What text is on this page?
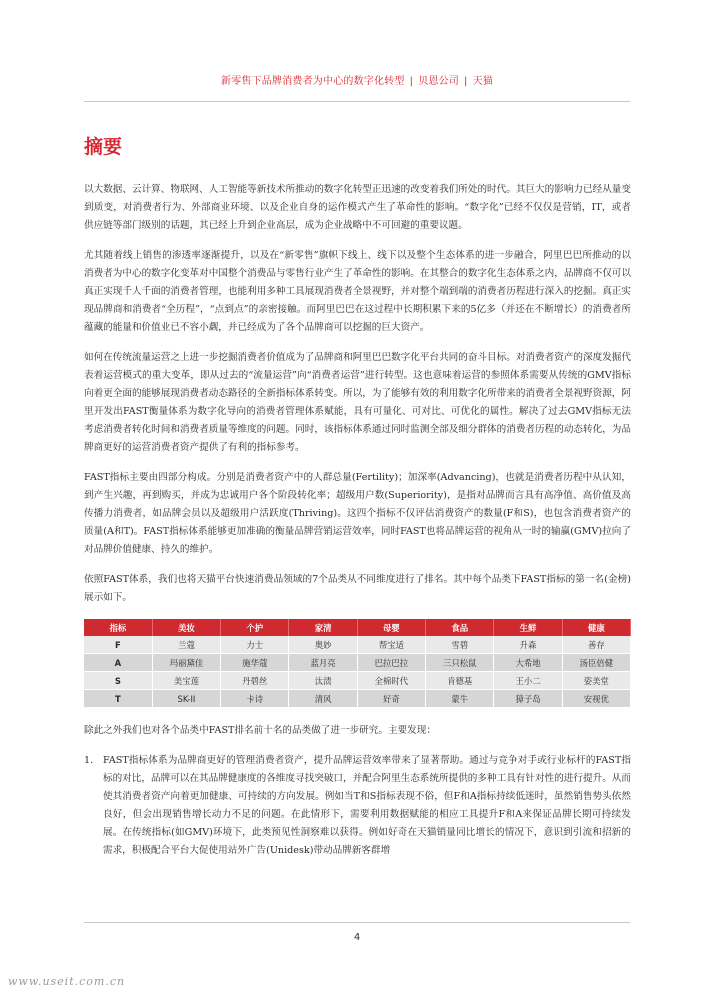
新零售下品牌消费者为中心的数字化转型 | 贝恩公司 | 天猫
摘要

以大数据、云计算、物联网、人工智能等新技术所推动的数字化转型正迅速的改变着我们所处的时代。其巨大的影响力已经从量变到质变，对消费者行为、外部商业环境、以及企业自身的运作模式产生了革命性的影响。“数字化”已经不仅仅是营销，IT，或者供应链等部门级别的话题，其已经上升到企业高层，成为企业战略中不可回避的重要议题。

尤其随着线上销售的渗透率逐渐提升，以及在“新零售”旗帜下线上、线下以及整个生态体系的进一步融合，阿里巴巴所推动的以消费者为中心的数字化变革对中国整个消费品与零售行业产生了革命性的影响。在其整合的数字化生态体系之内，品牌商不仅可以真正实现千人千面的消费者管理，也能利用多种工具展现消费者全景视野，并对整个端到端的消费者历程进行深入的挖掘。真正实现品牌商和消费者“全历程”，“点到点”的亲密接触。而阿里巴巴在这过程中长期积累下来的5亿多（并还在不断增长）的消费者所蕴藏的能量和价值业已不容小觑，并已经成为了各个品牌商可以挖掘的巨大资产。

如何在传统流量运营之上进一步挖掘消费者价值成为了品牌商和阿里巴巴数字化平台共同的奋斗目标。对消费者资产的深度发掘代表着运营模式的重大变革，即从过去的“流量运营”向“消费者运营”进行转型。这也意味着运营的参照体系需要从传统的GMV指标向着更全面的能够展现消费者动态路径的全新指标体系转变。所以，为了能够有效的利用数字化所带来的消费者全景视野资源，阿里开发出FAST衡量体系为数字化导向的消费者管理体系赋能，具有可量化、可对比、可优化的属性。解决了过去GMV指标无法考虑消费者转化时间和消费者质量等维度的问题。同时，该指标体系通过同时监测全部及细分群体的消费者历程的动态转化，为品牌商更好的运营消费者资产提供了有利的指标参考。

FAST指标主要由四部分构成。分别是消费者资产中的人群总量(Fertility)；加深率(Advancing)，也就是消费者历程中从认知，到产生兴趣，再到购买，并成为忠诚用户各个阶段转化率；超级用户数(Superiority)，是指对品牌而言具有高净值、高价值及高传播力消费者，如品牌会员以及超级用户活跃度(Thriving)。这四个指标不仅评估消费资产的数量(F和S)，也包含消费者资产的质量(A和T)。FAST指标体系能够更加准确的衡量品牌营销运营效率，同时FAST也将品牌运营的视角从一时的输赢(GMV)拉向了对品牌价值健康、持久的维护。

依照FAST体系，我们也将天猫平台快速消费品领域的7个品类从不同维度进行了排名。其中每个品类下FAST指标的第一名(金榜)展示如下。

指标	美妆	个护	家清	母婴	食品	生鲜	健康
F	兰蔻	力士	奥妙	帮宝适	雪碧	升森	善存
A	玛丽黛佳	施华蔻	蓝月亮	巴拉巴拉	三只松鼠	大希地	汤臣倍健
S	美宝莲	丹碧丝	汰渍	全棉时代	肯德基	王小二	姿美堂
T	SK-II	卡诗	清风	好奇	蒙牛	獐子岛	安视优

除此之外我们也对各个品类中FAST排名前十名的品类做了进一步研究。主要发现：

1. FAST指标体系为品牌商更好的管理消费者资产，提升品牌运营效率带来了显著帮助。通过与竞争对手或行业标杆的FAST指标的对比，品牌可以在其品牌健康度的各维度寻找突破口，并配合阿里生态系统所提供的多种工具有针对性的进行提升。从而使其消费者资产向着更加健康、可持续的方向发展。例如当T和S指标表现不俗，但F和A指标持续低迷时，虽然销售势头依然良好，但会出现销售增长动力不足的问题。在此情形下，需要利用数据赋能的相应工具提升F和A来保证品牌长期可持续发展。在传统指标(如GMV)环境下，此类预见性洞察难以获得。例如好奇在天猫销量同比增长的情况下，意识到引流和招新的需求，积极配合平台大促使用站外广告(Unidesk)带动品牌新客群增
4
www.useit.com.cn
